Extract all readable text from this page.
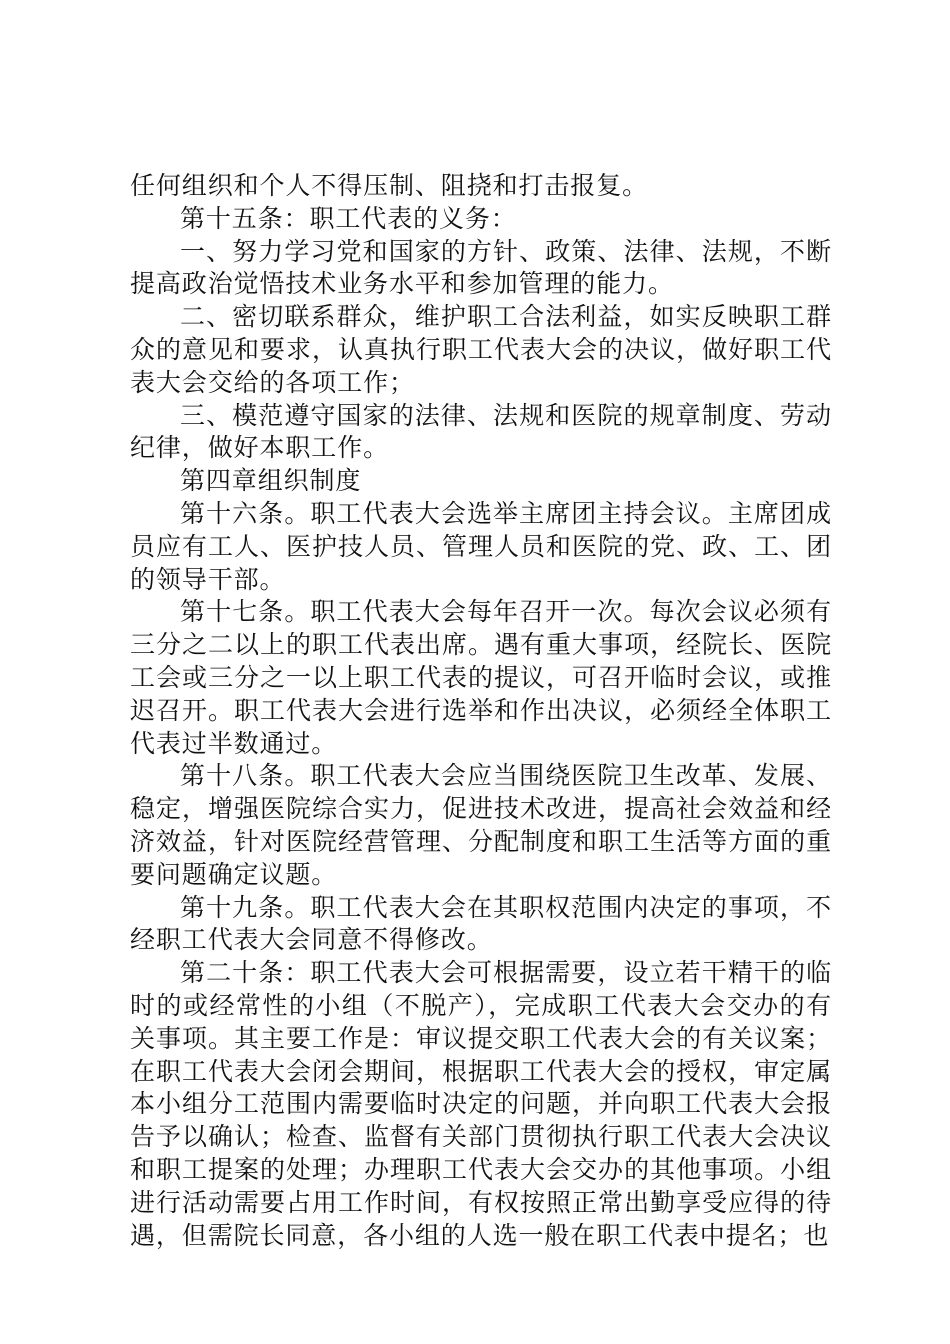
任何组织和个人不得压制、阻挠和打击报复。

第十五条：职工代表的义务：

一、努力学习党和国家的方针、政策、法律、法规，不断提高政治觉悟技术业务水平和参加管理的能力。

二、密切联系群众，维护职工合法利益，如实反映职工群众的意见和要求，认真执行职工代表大会的决议，做好职工代表大会交给的各项工作；

三、模范遵守国家的法律、法规和医院的规章制度、劳动纪律，做好本职工作。

第四章组织制度

第十六条。职工代表大会选举主席团主持会议。主席团成员应有工人、医护技人员、管理人员和医院的党、政、工、团的领导干部。

第十七条。职工代表大会每年召开一次。每次会议必须有三分之二以上的职工代表出席。遇有重大事项，经院长、医院工会或三分之一以上职工代表的提议，可召开临时会议，或推迟召开。职工代表大会进行选举和作出决议，必须经全体职工代表过半数通过。

第十八条。职工代表大会应当围绕医院卫生改革、发展、稳定，增强医院综合实力，促进技术改进，提高社会效益和经济效益，针对医院经营管理、分配制度和职工生活等方面的重要问题确定议题。

第十九条。职工代表大会在其职权范围内决定的事项，不经职工代表大会同意不得修改。

第二十条：职工代表大会可根据需要，设立若干精干的临时的或经常性的小组（不脱产），完成职工代表大会交办的有关事项。其主要工作是：审议提交职工代表大会的有关议案；在职工代表大会闭会期间，根据职工代表大会的授权，审定属本小组分工范围内需要临时决定的问题，并向职工代表大会报告予以确认；检查、监督有关部门贯彻执行职工代表大会决议和职工提案的处理；办理职工代表大会交办的其他事项。小组进行活动需要占用工作时间，有权按照正常出勤享受应得的待遇，但需院长同意，各小组的人选一般在职工代表中提名；也
